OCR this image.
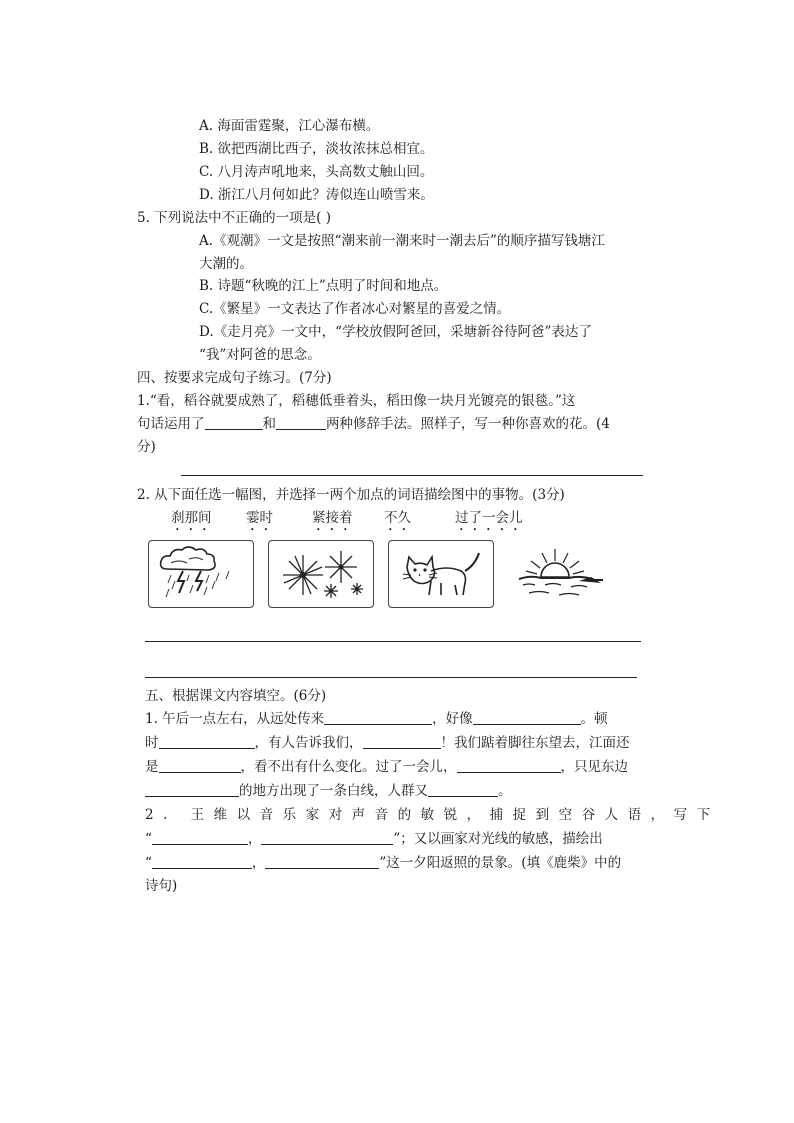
A. 海面雷霆聚，江心瀑布横。
B. 欲把西湖比西子，淡妆浓抹总相宜。
C. 八月涛声吼地来，头高数丈触山回。
D. 浙江八月何如此？涛似连山喷雪来。
5. 下列说法中不正确的一项是( )
A.《观潮》一文是按照“潮来前一潮来时一潮去后”的顺序描写钱塘江
大潮的。
B. 诗题“秋晚的江上”点明了时间和地点。
C.《繁星》一文表达了作者冰心对繁星的喜爱之情。
D.《走月亮》一文中，“学校放假阿爸回，采塘新谷待阿爸”表达了
“我”对阿爸的思念。
四、按要求完成句子练习。(7分)
1.“看，稻谷就要成熟了，稻穗低垂着头，稻田像一块月光镀亮的银毯。”这
句话运用了	和	两种修辞手法。照样子，写一种你喜欢的花。(4
分)
2. 从下面任选一幅图，并选择一两个加点的词语描绘图中的事物。(3分)
刹那间	霎时	紧接着 不久	过了一会儿
五、根据课文内容填空。(6分)
1. 午后一点左右，从远处传来	，好像	。顿
时	，有人告诉我们，	！我们踮着脚往东望去，江面还
是	，看不出有什么变化。过了一会儿，	，只见东边
的地方出现了一条白线，人群又	。
2. 王维以音乐家对声音的敏锐，捕捉到空谷人语，写下
“	，	”；又以画家对光线的敏感，描绘出
“	，	”这一夕阳返照的景象。(填《鹿柴》中的
诗句)
